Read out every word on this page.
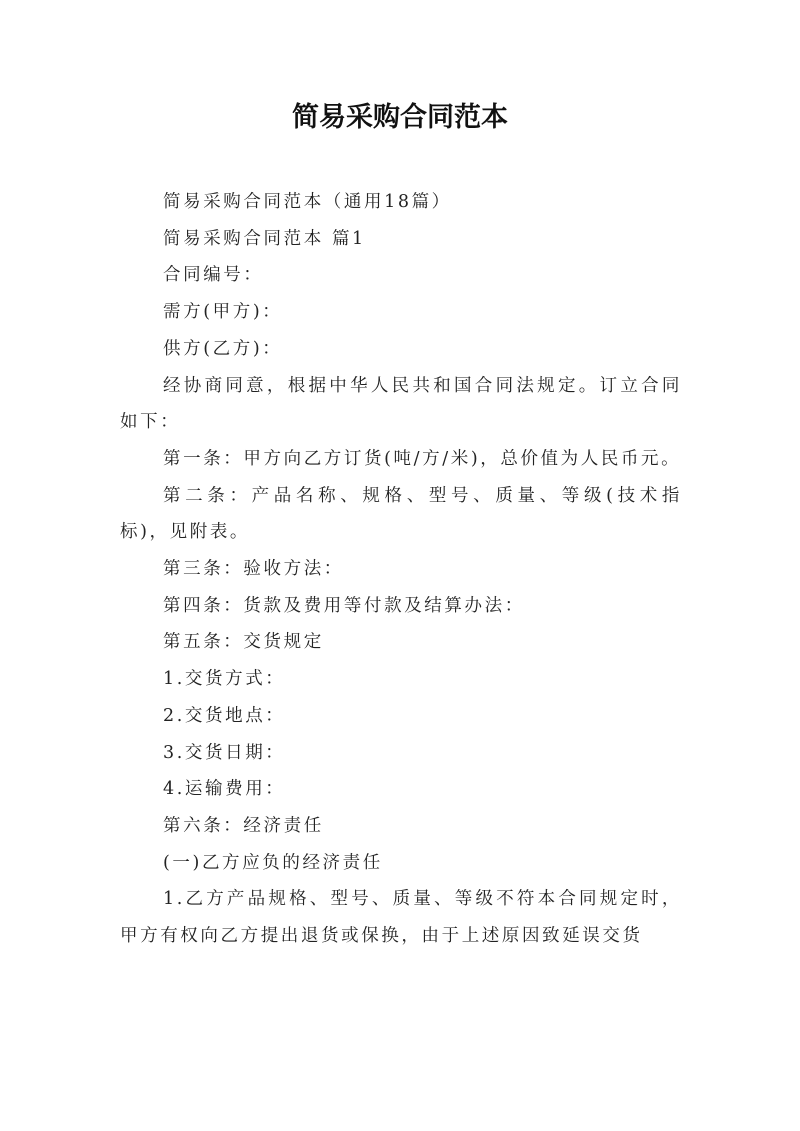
简易采购合同范本

简易采购合同范本（通用18篇）

简易采购合同范本 篇1

合同编号：

需方(甲方)：

供方(乙方)：

经协商同意，根据中华人民共和国合同法规定。订立合同如下：

第一条：甲方向乙方订货(吨/方/米)，总价值为人民币元。

第二条：产品名称、规格、型号、质量、等级(技术指标)，见附表。

第三条：验收方法：

第四条：货款及费用等付款及结算办法：

第五条：交货规定

1.交货方式：

2.交货地点：

3.交货日期：

4.运输费用：

第六条：经济责任

(一)乙方应负的经济责任

1.乙方产品规格、型号、质量、等级不符本合同规定时，甲方有权向乙方提出退货或保换，由于上述原因致延误交货
